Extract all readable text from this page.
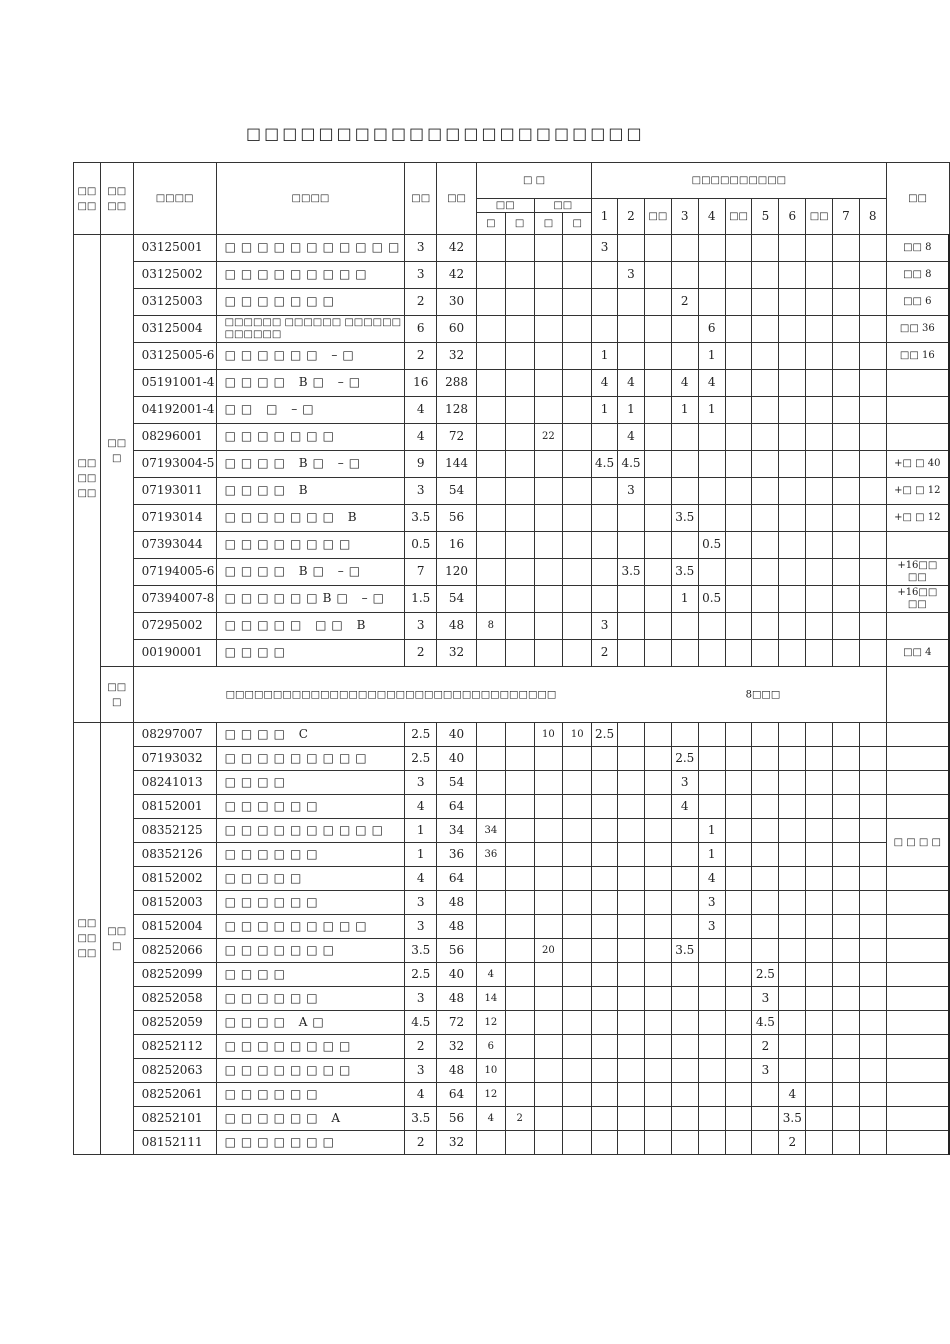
□□□□□□□□□□□□□□□□□□□□□□
□□□□	□□□□	□□□□	□□□□	□□	□□	□ □				□□□□□□□□□□											□□
						□□		□□		1	2	□□	3	4	□□	5	6	□□	7	8	
						□	□	□	□												
□□□□□□	□□□	03125001	□□□□□□□□□□□	3	42					3											□□ 8
		03125002	□□□□□□□□□	3	42						3										□□ 8
		03125003	□□□□□□□	2	30								2								□□ 6
		03125004	□□□□□□ □□□□□□ □□□□□□ □□□□□□	6	60									6							□□ 36
		03125005-6	□□□□□□ –□	2	32					1				1							□□ 16
		05191001-4	□□□□ B□ –□	16	288					4	4		4	4							
		04192001-4	□□ □ –□	4	128					1	1		1	1							
		08296001	□□□□□□□	4	72			22			4										
		07193004-5	□□□□ B□ –□	9	144					4.5	4.5										+□ □ 40
		07193011	□□□□ B	3	54						3										+□ □ 12
		07193014	□□□□□□□ B	3.5	56								3.5								+□ □ 12
		07393044	□□□□□□□□	0.5	16									0.5							
		07194005-6	□□□□ B□ –□	7	120						3.5		3.5								+16□□ □□
		07394007-8	□□□□□□B□ –□	1.5	54								1	0.5							+16□□ □□
		07295002	□□□□□ □□ B	3	48	8				3											
		00190001	□□□□	2	32					2											□□ 4
	□□□	□□□□□□□□□□□□□□□□□□□□□□□□□□□□□□□□□□□ 8□□□																			

□□□□□□	□□□	08297007	□□□□ C	2.5	40			10	10	2.5											
		07193032	□□□□□□□□□	2.5	40								2.5								
		08241013	□□□□	3	54								3								
		08152001	□□□□□□	4	64								4								
		08352125	□□□□□□□□□□	1	34	34								1							□ □ □ □
		08352126	□□□□□□	1	36	36								1							
		08152002	□□□□□	4	64									4							
		08152003	□□□□□□	3	48									3							
		08152004	□□□□□□□□□	3	48									3							
		08252066	□□□□□□□	3.5	56			20					3.5								
		08252099	□□□□	2.5	40	4										2.5					
		08252058	□□□□□□	3	48	14										3					
		08252059	□□□□ A□	4.5	72	12										4.5					
		08252112	□□□□□□□□	2	32	6										2					
		08252063	□□□□□□□□	3	48	10										3					
		08252061	□□□□□□	4	64	12											4				
		08252101	□□□□□□ A	3.5	56	4	2										3.5				
		08152111	□□□□□□□	2	32												2				
